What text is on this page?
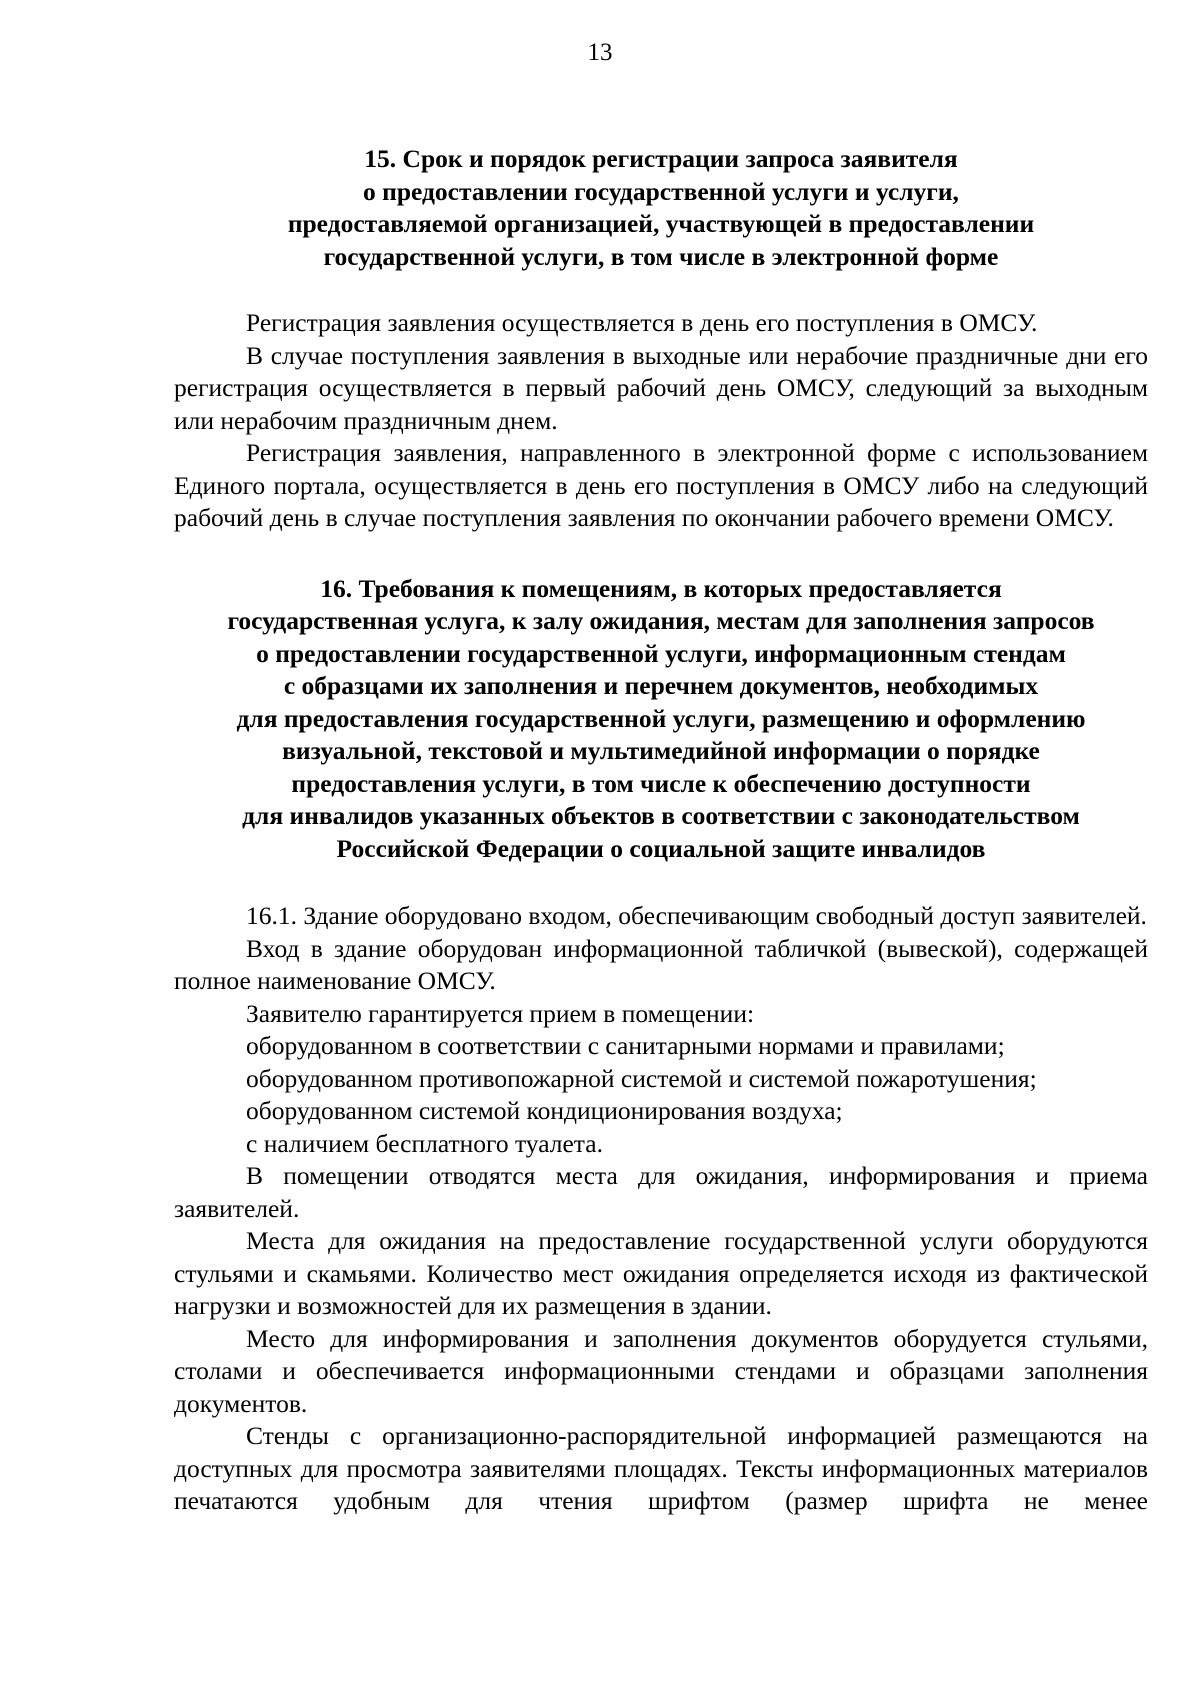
13
15. Срок и порядок регистрации запроса заявителя
о предоставлении государственной услуги и услуги,
предоставляемой организацией, участвующей в предоставлении
государственной услуги, в том числе в электронной форме

Регистрация заявления осуществляется в день его поступления в ОМСУ.

В случае поступления заявления в выходные или нерабочие праздничные дни его регистрация осуществляется в первый рабочий день ОМСУ, следующий за выходным или нерабочим праздничным днем.

Регистрация заявления, направленного в электронной форме с использованием Единого портала, осуществляется в день его поступления в ОМСУ либо на следующий рабочий день в случае поступления заявления по окончании рабочего времени ОМСУ.

16. Требования к помещениям, в которых предоставляется
государственная услуга, к залу ожидания, местам для заполнения запросов
о предоставлении государственной услуги, информационным стендам
с образцами их заполнения и перечнем документов, необходимых
для предоставления государственной услуги, размещению и оформлению
визуальной, текстовой и мультимедийной информации о порядке
предоставления услуги, в том числе к обеспечению доступности
для инвалидов указанных объектов в соответствии с законодательством
Российской Федерации о социальной защите инвалидов

16.1. Здание оборудовано входом, обеспечивающим свободный доступ заявителей.

Вход в здание оборудован информационной табличкой (вывеской), содержащей полное наименование ОМСУ.

Заявителю гарантируется прием в помещении:

оборудованном в соответствии с санитарными нормами и правилами;

оборудованном противопожарной системой и системой пожаротушения;

оборудованном системой кондиционирования воздуха;

с наличием бесплатного туалета.

В помещении отводятся места для ожидания, информирования и приема заявителей.

Места для ожидания на предоставление государственной услуги оборудуются стульями и скамьями. Количество мест ожидания определяется исходя из фактической нагрузки и возможностей для их размещения в здании.

Место для информирования и заполнения документов оборудуется стульями, столами и обеспечивается информационными стендами и образцами заполнения документов.

Стенды с организационно-распорядительной информацией размещаются на доступных для просмотра заявителями площадях. Тексты информационных материалов печатаются удобным для чтения шрифтом (размер шрифта не менее
